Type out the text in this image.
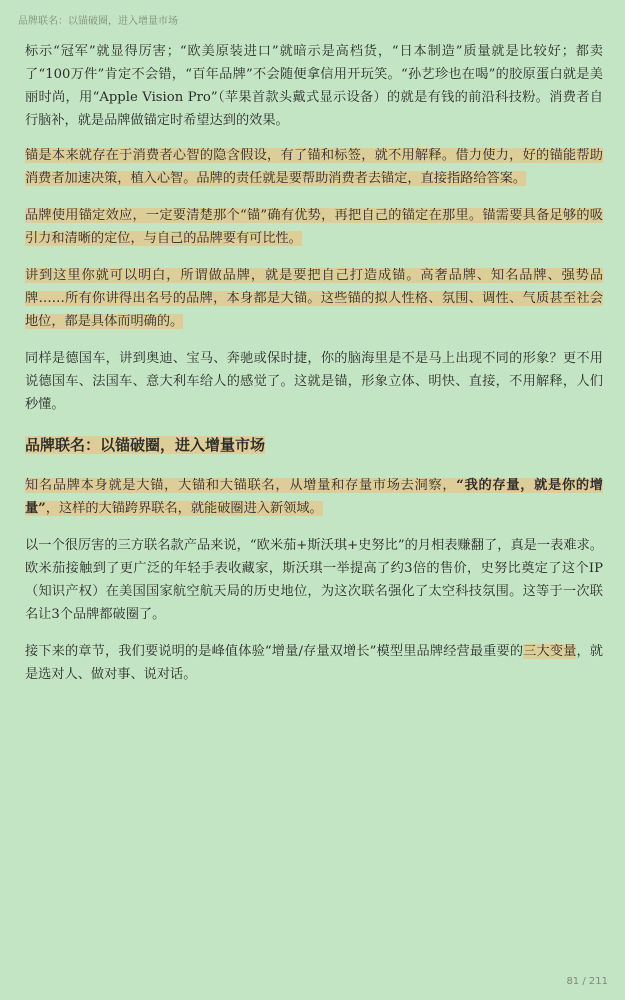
品牌联名：以锚破圈，进入增量市场

标示“冠军”就显得厉害；“欧美原装进口”就暗示是高档货，“日本制造”质量就是比较好；都卖了“100万件”肯定不会错，“百年品牌”不会随便拿信用开玩笑。“孙艺珍也在喝”的胶原蛋白就是美丽时尚，用“Apple Vision Pro”（苹果首款头戴式显示设备）的就是有钱的前沿科技粉。消费者自行脑补，就是品牌做锚定时希望达到的效果。

锚是本来就存在于消费者心智的隐含假设，有了锚和标签，就不用解释。借力使力，好的锚能帮助消费者加速决策，植入心智。品牌的责任就是要帮助消费者去锚定，直接指路给答案。

品牌使用锚定效应，一定要清楚那个“锚”确有优势，再把自己的锚定在那里。锚需要具备足够的吸引力和清晰的定位，与自己的品牌要有可比性。

讲到这里你就可以明白，所谓做品牌，就是要把自己打造成锚。高奢品牌、知名品牌、强势品牌……所有你讲得出名号的品牌，本身都是大锚。这些锚的拟人性格、氛围、调性、气质甚至社会地位，都是具体而明确的。

同样是德国车，讲到奥迪、宝马、奔驰或保时捷，你的脑海里是不是马上出现不同的形象？更不用说德国车、法国车、意大利车给人的感觉了。这就是锚，形象立体、明快、直接，不用解释，人们秒懂。

品牌联名：以锚破圈，进入增量市场

知名品牌本身就是大锚，大锚和大锚联名，从增量和存量市场去洞察，“我的存量，就是你的增量”，这样的大锚跨界联名，就能破圈进入新领域。

以一个很厉害的三方联名款产品来说，“欧米茄+斯沃琪+史努比”的月相表赚翻了，真是一表难求。欧米茄接触到了更广泛的年轻手表收藏家，斯沃琪一举提高了约3倍的售价，史努比奠定了这个IP（知识产权）在美国国家航空航天局的历史地位，为这次联名强化了太空科技氛围。这等于一次联名让3个品牌都破圈了。

接下来的章节，我们要说明的是峰值体验“增量/存量双增长”模型里品牌经营最重要的三大变量，就是选对人、做对事、说对话。

81 / 211
